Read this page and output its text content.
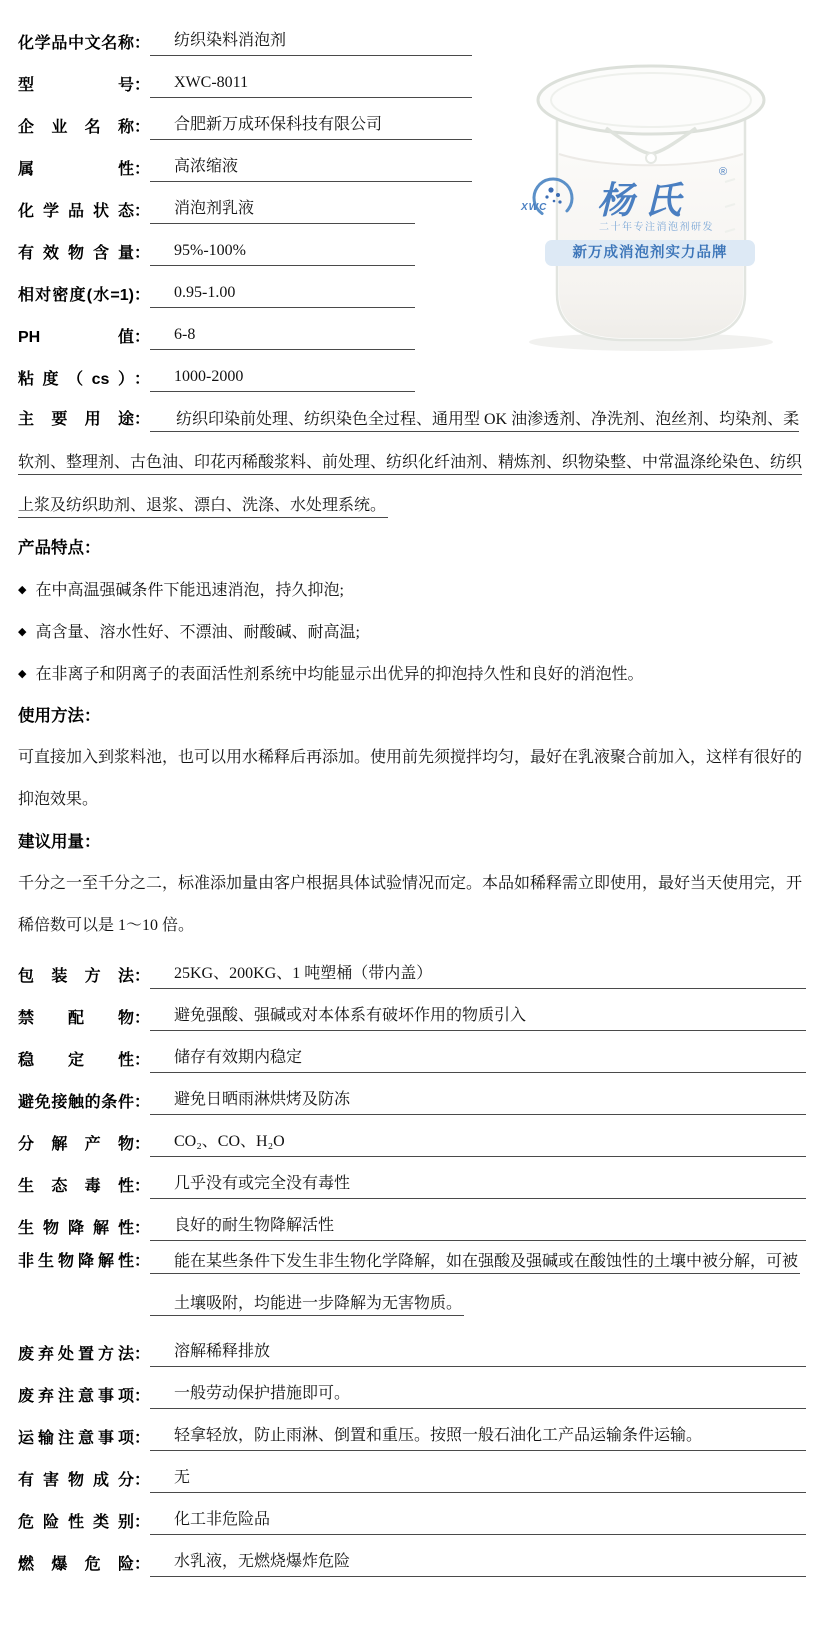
化学品中文名称 ：	纺织染料消泡剂
型号 ：	XWC-8011
企业名称 ：	合肥新万成环保科技有限公司
属性 ：	高浓缩液
化学品状态 ：	消泡剂乳液
有效物含量 ：	95%-100%
相对密度(水=1) ：	0.95-1.00
PH值 ：	6-8
粘度（cs） ：	1000-2000
XWC 杨氏
®
二十年专注消泡剂研发
新万成消泡剂实力品牌
主要用途 ： 纺织印染前处理、纺织染色全过程、通用型 OK 油渗透剂、净洗剂、泡丝剂、均染剂、柔软剂、整理剂、古色油、印花丙稀酸浆料、前处理、纺织化纤油剂、精炼剂、织物染整、中常温涤纶染色、纺织上浆及纺织助剂、退浆、漂白、洗涤、水处理系统。
产品特点：
◆ 在中高温强碱条件下能迅速消泡，持久抑泡;
◆ 高含量、溶水性好、不漂油、耐酸碱、耐高温;
◆ 在非离子和阴离子的表面活性剂系统中均能显示出优异的抑泡持久性和良好的消泡性。
使用方法：

可直接加入到浆料池，也可以用水稀释后再添加。使用前先须搅拌均匀，最好在乳液聚合前加入，这样有很好的抑泡效果。

建议用量：

千分之一至千分之二，标准添加量由客户根据具体试验情况而定。本品如稀释需立即使用，最好当天使用完，开稀倍数可以是 1～10 倍。

包装方法 ：	25KG、200KG、1 吨塑桶（带内盖）
禁配物 ：	避免强酸、强碱或对本体系有破坏作用的物质引入
稳定性 ：	储存有效期内稳定
避免接触的条件 ：	避免日晒雨淋烘烤及防冻
分解产物 ：	CO₂、CO、H₂O
生态毒性 ：	几乎没有或完全没有毒性
生物降解性 ：	良好的耐生物降解活性
非生物降解性 ：	能在某些条件下发生非生物化学降解，如在强酸及强碱或在酸蚀性的土壤中被分解，可被土壤吸附，均能进一步降解为无害物质。
废弃处置方法 ：	溶解稀释排放
废弃注意事项 ：	一般劳动保护措施即可。
运输注意事项 ：	轻拿轻放，防止雨淋、倒置和重压。按照一般石油化工产品运输条件运输。
有害物成分 ：	无
危险性类别 ：	化工非危险品
燃爆危险 ：	水乳液，无燃烧爆炸危险
